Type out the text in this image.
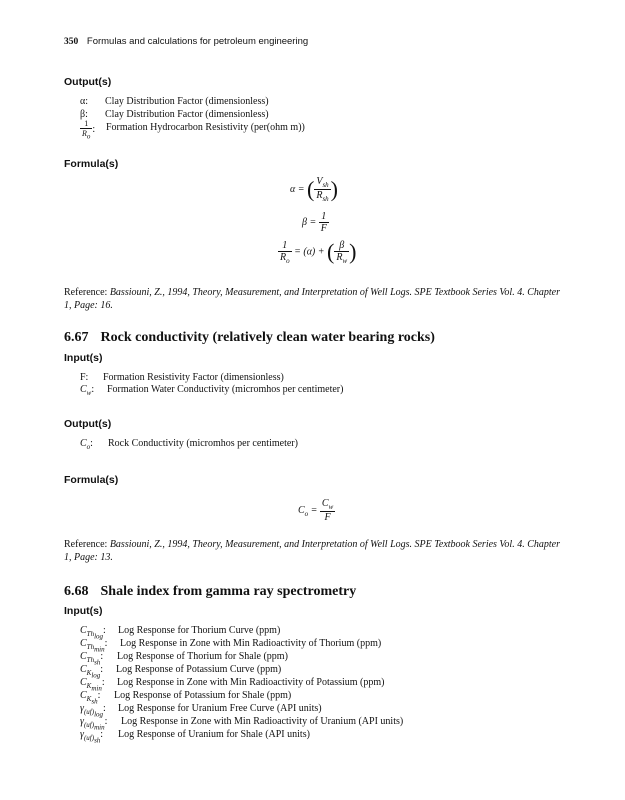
350 Formulas and calculations for petroleum engineering
Output(s)
α: Clay Distribution Factor (dimensionless)
β: Clay Distribution Factor (dimensionless)
$\frac{1}{R_o}$ : Formation Hydrocarbon Resistivity (per(ohm m))
Formula(s)
α = ( $\frac{V_{sh}}{R_{sh}}$ )
$\beta = \frac{1}{F}$
$\frac{1}{R_o} = (\alpha)$ + ( $\frac{\beta}{R_w}$ )
Reference: Bassiouni, Z., 1994, Theory, Measurement, and Interpretation of Well Logs. SPE Textbook Series Vol. 4. Chapter 1, Page: 16.
6.67 Rock conductivity (relatively clean water bearing rocks)
Input(s)
F: Formation Resistivity Factor (dimensionless)
$C_w$: Formation Water Conductivity (micromhos per centimeter)
Output(s)
$C_o$: Rock Conductivity (micromhos per centimeter)
Formula(s)
$C_o = \frac{C_w}{F}$
Reference: Bassiouni, Z., 1994, Theory, Measurement, and Interpretation of Well Logs. SPE Textbook Series Vol. 4. Chapter 1, Page: 13.
6.68 Shale index from gamma ray spectrometry
Input(s)
$C_{Th_{log}}$: Log Response for Thorium Curve (ppm)
$C_{Th_{min}}$: Log Response in Zone with Min Radioactivity of Thorium (ppm)
$C_{Th_{sh}}$: Log Response of Thorium for Shale (ppm)
$C_{K_{log}}$: Log Response of Potassium Curve (ppm)
$C_{K_{min}}$: Log Response in Zone with Min Radioactivity of Potassium (ppm)
$C_{K_{sh}}$: Log Response of Potassium for Shale (ppm)
$\gamma_{(uf)_{log}}$: Log Response for Uranium Free Curve (API units)
$\gamma_{(uf)_{min}}$: Log Response in Zone with Min Radioactivity of Uranium (API units)
$\gamma_{(uf)_{sh}}$: Log Response of Uranium for Shale (API units)
